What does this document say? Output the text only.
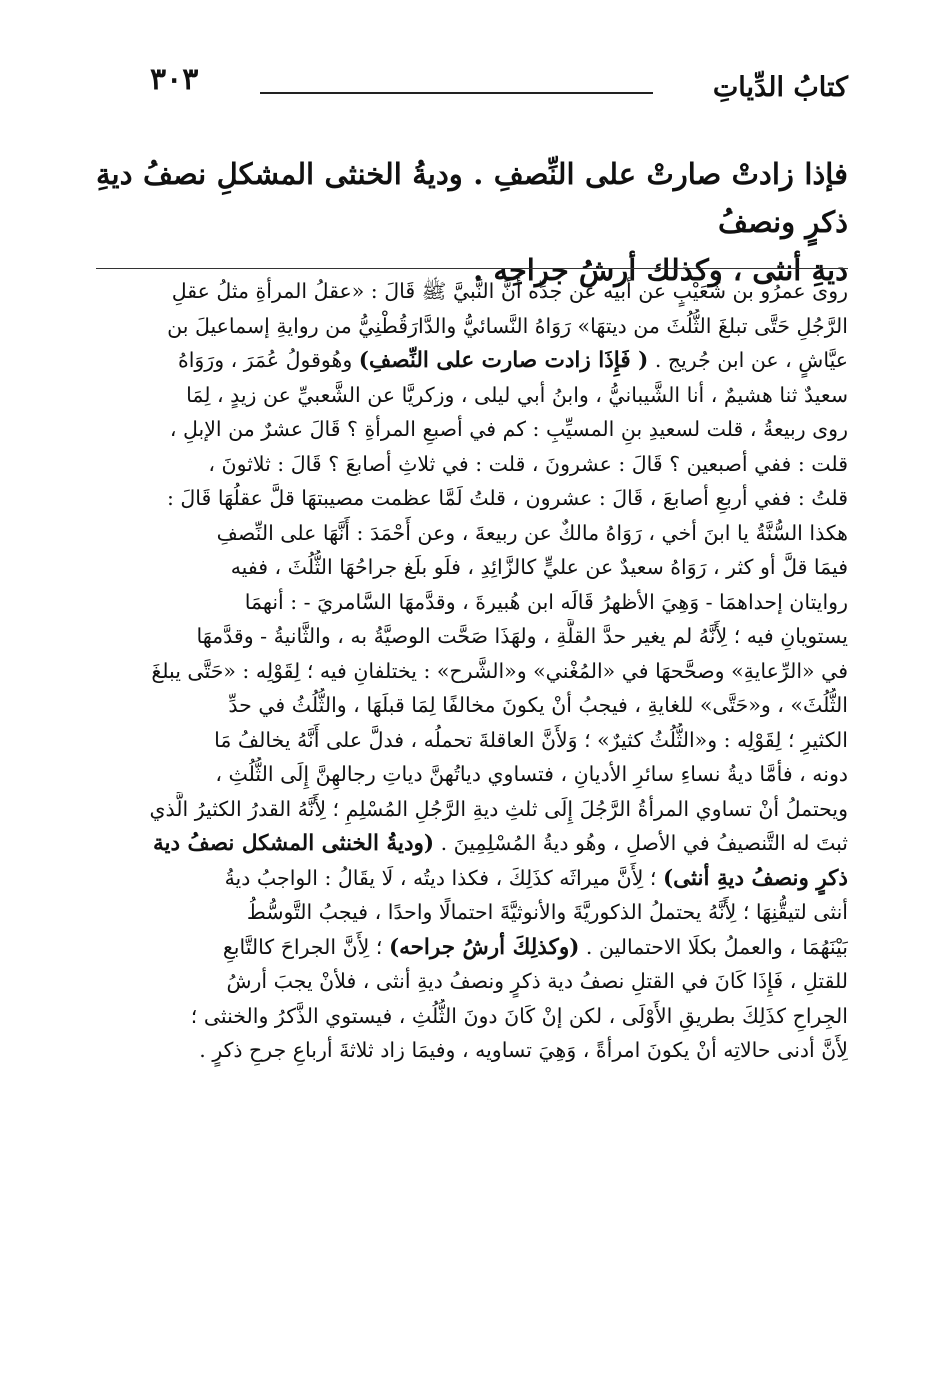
كتابُ الدِّياتِ
٣٠٣
فإذا زادتْ صارتْ على النِّصفِ . وديةُ الخنثى المشكلِ نصفُ ديةِ ذكرٍ ونصفُ
ديةِ أنثى ، وكذلك أرشُ جراحِه .
روى عمرُو بن شُعَيْبٍ عن أبيه عن جدِّه أنَّ النَّبيَّ ﷺ قَالَ : «عقلُ المرأةِ مثلُ عقلِ
الرَّجُلِ حَتَّى تبلغَ الثُّلُثَ من ديتهَا» رَوَاهُ النَّسائيُّ والدَّارَقُطْنِيُّ من روايةِ إسماعيلَ بن
عيَّاشٍ ، عن ابن جُريج . ( فَإِذَا زادت صارت على النِّصفِ) وهُوقولُ عُمَرَ ، ورَوَاهُ
سعيدٌ ثنا هشيمٌ ، أنا الشَّيبانيُّ ، وابنُ أبي ليلى ، وزكريَّا عن الشَّعبيِّ عن زيدٍ ، لِمَا
روى ربيعةُ ، قلت لسعيدِ بنِ المسيِّبِ : كم في أصبعِ المرأةِ ؟ قَالَ عشرٌ من الإبلِ ،
قلت : ففي أصبعين ؟ قَالَ : عشرونَ ، قلت : في ثلاثِ أصابعَ ؟ قَالَ : ثلاثونَ ،
قلتُ : ففي أربعِ أصابعَ ، قَالَ : عشرون ، قلتُ لَمَّا عظمت مصيبتهَا قلَّ عقلُهَا قَالَ :
هكذا السُّنَّةُ يا ابنَ أخي ، رَوَاهُ مالكٌ عن ربيعةَ ، وعن أَحْمَدَ : أَنَّهَا على النِّصفِ
فيمَا قلَّ أو كثر ، رَوَاهُ سعيدٌ عن عليٍّ كالزَّائِدِ ، فلَو بلَغ جراحُهَا الثُّلُثَ ، ففيه
روايتان إحداهمَا - وَهِيَ الأظهرُ قَالَه ابن هُبيرةَ ، وقدَّمهَا السَّامريَ - : أنهمَا
يستويانِ فيه ؛ لِأَنَّهُ لم يغير حدَّ القلَّةِ ، ولهَذَا صَحَّت الوصيَّةُ به ، والثَّانيةُ - وقدَّمهَا
في «الرِّعايةِ» وصحَّحهَا في «المُغْني» و«الشَّرح» : يختلفانِ فيه ؛ لِقَوْلِه : «حَتَّى يبلغَ
الثُّلُثَ» ، و«حَتَّى» للغايةِ ، فيجبُ أنْ يكونَ مخالفًا لِمَا قبلَهَا ، والثُّلُثُ في حدِّ
الكثيرِ ؛ لِقَوْلِه : و«الثُّلُثُ كثيرٌ» ؛ وَلأَنَّ العاقلةَ تحملُه ، فدلَّ على أَنَّهُ يخالفُ مَا
دونه ، فأمَّا ديةُ نساءِ سائرِ الأديانِ ، فتساوي دياتُهنَّ دياتِ رجالهِنَّ إِلَى الثُّلُثِ ،
ويحتملُ أنْ تساوي المرأةُ الرَّجُلَ إِلَى ثلثِ ديةِ الرَّجُلِ المُسْلِمِ ؛ لِأَنَّهُ القدرُ الكثيرُ الَّذي
ثبتَ له التَّنصيفُ في الأصلِ ، وهُو ديةُ المُسْلِمِينَ . (وديةُ الخنثى المشكل نصفُ دية
ذكرٍ ونصفُ ديةِ أنثى) ؛ لِأَنَّ ميراثَه كذَلِكَ ، فكذا ديتُه ، لَا يقَالُ : الواجبُ ديةُ
أنثى لتيقُّنِهَا ؛ لِأَنَّهُ يحتملُ الذكوريَّةَ والأنوثيَّةَ احتمالًا واحدًا ، فيجبُ التَّوسُّطُ
بَيْنَهُمَا ، والعملُ بكلَا الاحتمالين . (وكذلِكَ أرشُ جراحه) ؛ لِأَنَّ الجراحَ كالتَّابعِ
للقتلِ ، فَإِذَا كَانَ في القتلِ نصفُ دية ذكرٍ ونصفُ ديةِ أنثى ، فلأنْ يجبَ أرشُ
الجِراحِ كذَلِكَ بطريقِ الأَوْلَى ، لكن إنْ كَانَ دونَ الثُّلُثِ ، فيستوي الذَّكرُ والخنثى ؛
لِأَنَّ أدنى حالاتِه أنْ يكونَ امرأةً ، وَهِيَ تساويه ، وفيمَا زاد ثلاثةَ أرباعِ جرحِ ذكرٍ .
